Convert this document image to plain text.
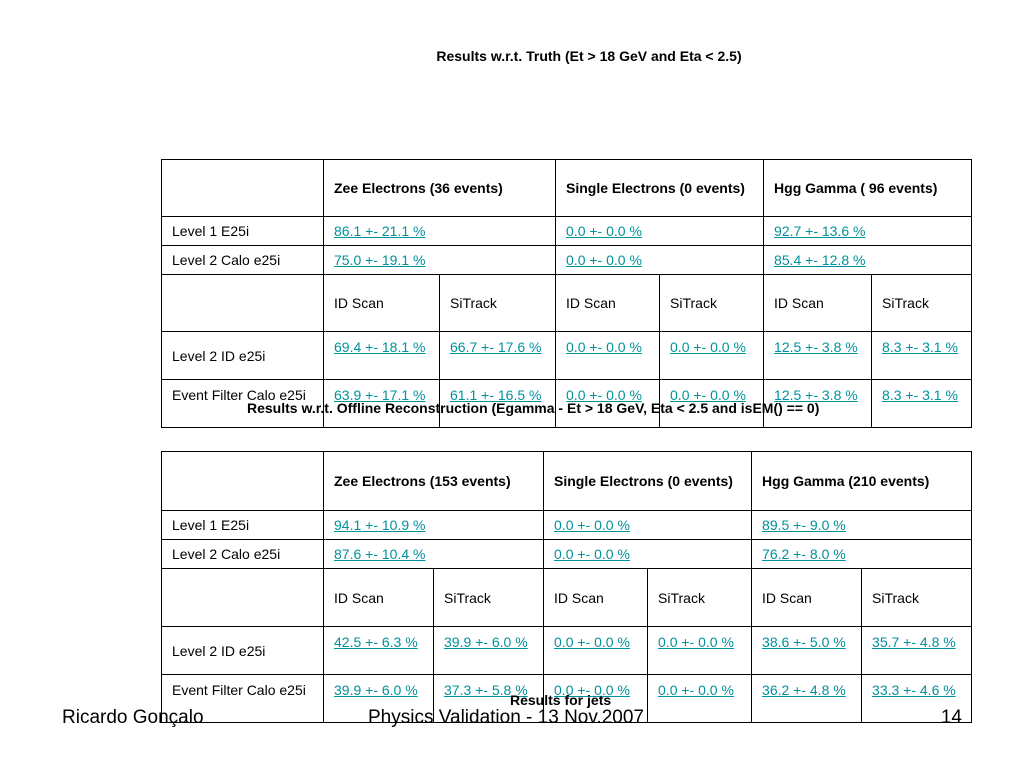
Results w.r.t. Truth (Et > 18 GeV and Eta < 2.5)
	Zee Electrons (36 events)		Single Electrons (0 events)		Hgg Gamma ( 96 events)	
Level 1 E25i	86.1 +- 21.1 %		0.0 +- 0.0 %		92.7 +- 13.6 %	
Level 2 Calo e25i	75.0 +- 19.1 %		0.0 +- 0.0 %		85.4 +- 12.8 %	
	ID Scan	SiTrack	ID Scan	SiTrack	ID Scan	SiTrack
Level 2 ID e25i	69.4 +- 18.1 %	66.7 +- 17.6 %	0.0 +- 0.0 %	0.0 +- 0.0 %	12.5 +- 3.8 %	8.3 +- 3.1 %
Event Filter Calo e25i	63.9 +- 17.1 %	61.1 +- 16.5 %	0.0 +- 0.0 %	0.0 +- 0.0 %	12.5 +- 3.8 %	8.3 +- 3.1 %
	Zee Electrons (153 events)		Single Electrons (0 events)		Hgg Gamma (210 events)	
Level 1 E25i	94.1 +- 10.9 %		0.0 +- 0.0 %		89.5 +- 9.0 %	
Level 2 Calo e25i	87.6 +- 10.4 %		0.0 +- 0.0 %		76.2 +- 8.0 %	
	ID Scan	SiTrack	ID Scan	SiTrack	ID Scan	SiTrack
Level 2 ID e25i	42.5 +- 6.3 %	39.9 +- 6.0 %	0.0 +- 0.0 %	0.0 +- 0.0 %	38.6 +- 5.0 %	35.7 +- 4.8 %
Event Filter Calo e25i	39.9 +- 6.0 %	37.3 +- 5.8 %	0.0 +- 0.0 %	0.0 +- 0.0 %	36.2 +- 4.8 %	33.3 +- 4.6 %
Results w.r.t. Offline Reconstruction (Egamma - Et > 18 GeV, Eta < 2.5 and isEM() == 0)
Ricardo Gonçalo	Physics Validation - 13 Nov.2007	14
Results for jets
